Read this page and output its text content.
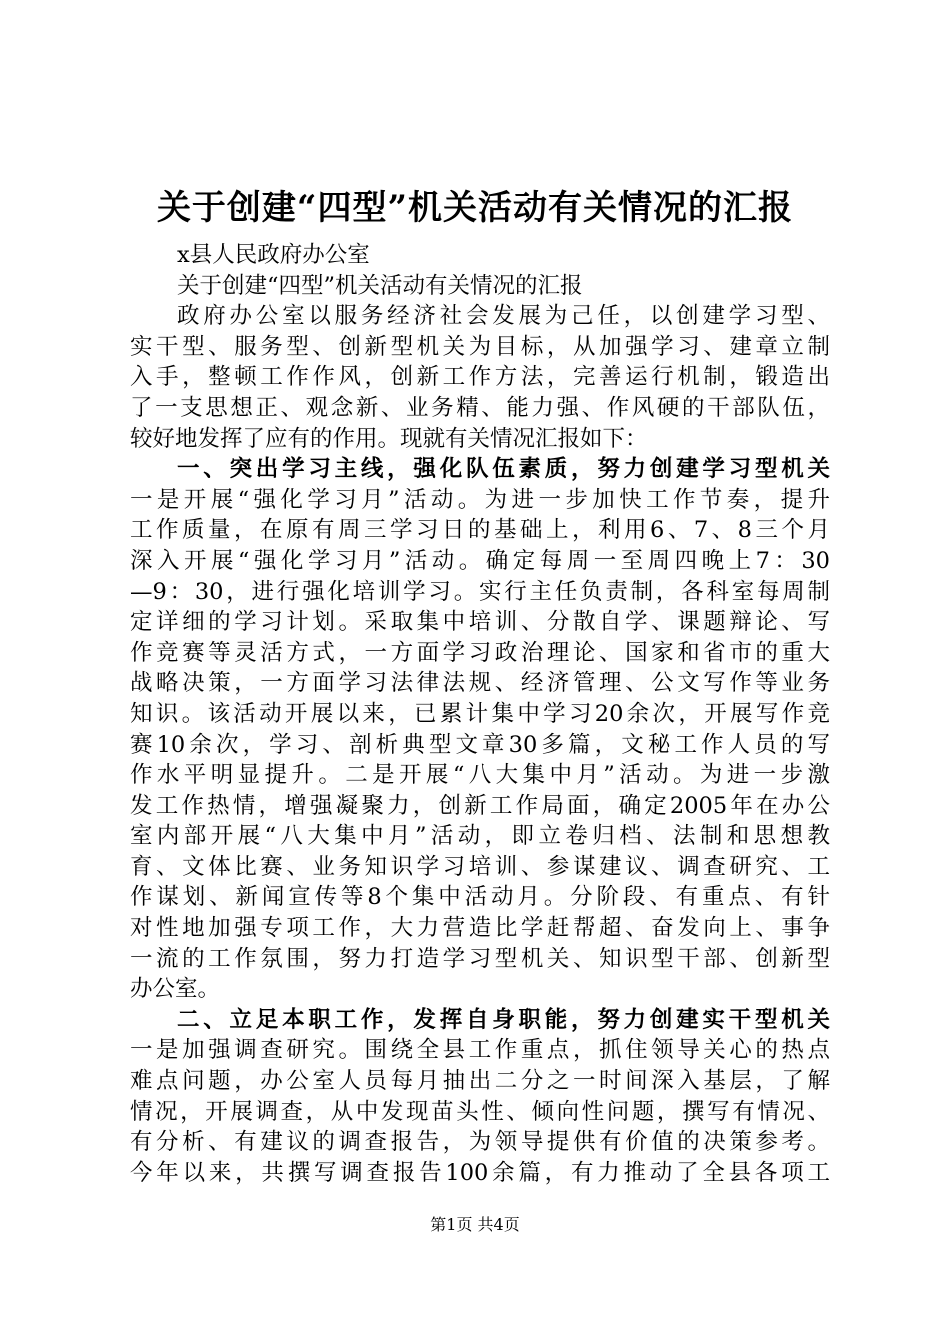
关于创建“四型”机关活动有关情况的汇报
x县人民政府办公室
关于创建“四型”机关活动有关情况的汇报
政府办公室以服务经济社会发展为己任，以创建学习型、
实干型、服务型、创新型机关为目标，从加强学习、建章立制
入手，整顿工作作风，创新工作方法，完善运行机制，锻造出
了一支思想正、观念新、业务精、能力强、作风硬的干部队伍，
较好地发挥了应有的作用。现就有关情况汇报如下：
一、突出学习主线，强化队伍素质，努力创建学习型机关
一是开展“强化学习月”活动。为进一步加快工作节奏，提升
工作质量，在原有周三学习日的基础上，利用6、7、8三个月
深入开展“强化学习月”活动。确定每周一至周四晚上7：30
—9：30，进行强化培训学习。实行主任负责制，各科室每周制
定详细的学习计划。采取集中培训、分散自学、课题辩论、写
作竞赛等灵活方式，一方面学习政治理论、国家和省市的重大
战略决策，一方面学习法律法规、经济管理、公文写作等业务
知识。该活动开展以来，已累计集中学习20余次，开展写作竞
赛10余次，学习、剖析典型文章30多篇，文秘工作人员的写
作水平明显提升。二是开展“八大集中月”活动。为进一步激
发工作热情，增强凝聚力，创新工作局面，确定2005年在办公
室内部开展“八大集中月”活动，即立卷归档、法制和思想教
育、文体比赛、业务知识学习培训、参谋建议、调查研究、工
作谋划、新闻宣传等8个集中活动月。分阶段、有重点、有针
对性地加强专项工作，大力营造比学赶帮超、奋发向上、事争
一流的工作氛围，努力打造学习型机关、知识型干部、创新型
办公室。
二、立足本职工作，发挥自身职能，努力创建实干型机关
一是加强调查研究。围绕全县工作重点，抓住领导关心的热点
难点问题，办公室人员每月抽出二分之一时间深入基层，了解
情况，开展调查，从中发现苗头性、倾向性问题，撰写有情况、
有分析、有建议的调查报告，为领导提供有价值的决策参考。
今年以来，共撰写调查报告100余篇，有力推动了全县各项工
第1页 共4页
